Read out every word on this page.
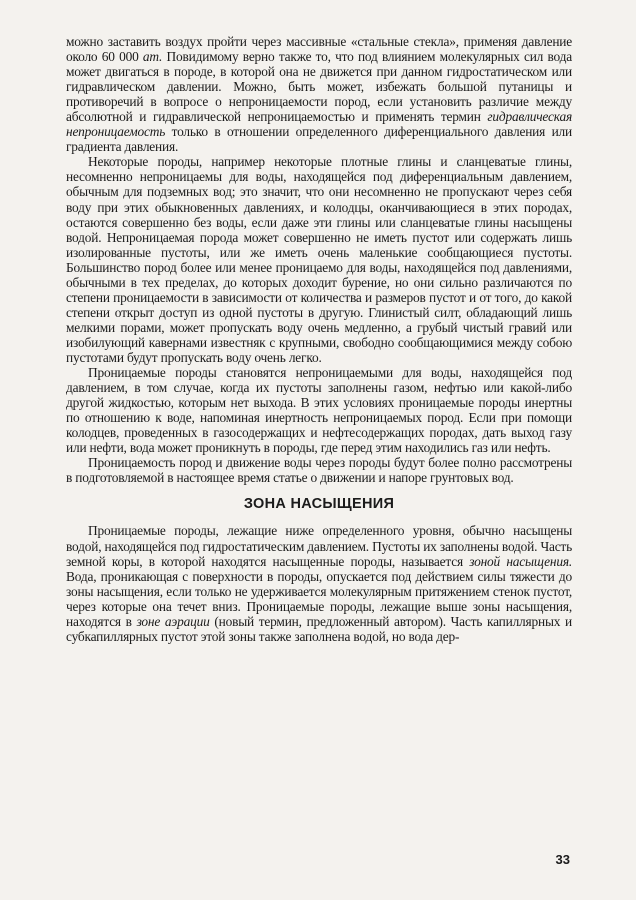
можно заставить воздух пройти через массивные «стальные стекла», применяя давление около 60 000 ат. Повидимому верно также то, что под влиянием молекулярных сил вода может двигаться в породе, в которой она не движется при данном гидростатическом или гидравлическом давлении. Можно, быть может, избежать большой путаницы и противоречий в вопросе о непроницаемости пород, если установить различие между абсолютной и гидравлической непроницаемостью и применять термин гидравлическая непроницаемость только в отношении определенного диференциального давления или градиента давления.

Некоторые породы, например некоторые плотные глины и сланцеватые глины, несомненно непроницаемы для воды, находящейся под диференциальным давлением, обычным для подземных вод; это значит, что они несомненно не пропускают через себя воду при этих обыкновенных давлениях, и колодцы, оканчивающиеся в этих породах, остаются совершенно без воды, если даже эти глины или сланцеватые глины насыщены водой. Непроницаемая порода может совершенно не иметь пустот или содержать лишь изолированные пустоты, или же иметь очень маленькие сообщающиеся пустоты. Большинство пород более или менее проницаемо для воды, находящейся под давлениями, обычными в тех пределах, до которых доходит бурение, но они сильно различаются по степени проницаемости в зависимости от количества и размеров пустот и от того, до какой степени открыт доступ из одной пустоты в другую. Глинистый силт, обладающий лишь мелкими порами, может пропускать воду очень медленно, а грубый чистый гравий или изобилующий кавернами известняк с крупными, свободно сообщающимися между собою пустотами будут пропускать воду очень легко.

Проницаемые породы становятся непроницаемыми для воды, находящейся под давлением, в том случае, когда их пустоты заполнены газом, нефтью или какой-либо другой жидкостью, которым нет выхода. В этих условиях проницаемые породы инертны по отношению к воде, напоминая инертность непроницаемых пород. Если при помощи колодцев, проведенных в газосодержащих и нефтесодержащих породах, дать выход газу или нефти, вода может проникнуть в породы, где перед этим находились газ или нефть.

Проницаемость пород и движение воды через породы будут более полно рассмотрены в подготовляемой в настоящее время статье о движении и напоре грунтовых вод.

ЗОНА НАСЫЩЕНИЯ

Проницаемые породы, лежащие ниже определенного уровня, обычно насыщены водой, находящейся под гидростатическим давлением. Пустоты их заполнены водой. Часть земной коры, в которой находятся насыщенные породы, называется зоной насыщения. Вода, проникающая с поверхности в породы, опускается под действием силы тяжести до зоны насыщения, если только не удерживается молекулярным притяжением стенок пустот, через которые она течет вниз. Проницаемые породы, лежащие выше зоны насыщения, находятся в зоне аэрации (новый термин, предложенный автором). Часть капиллярных и субкапиллярных пустот этой зоны также заполнена водой, но вода дер-

33
